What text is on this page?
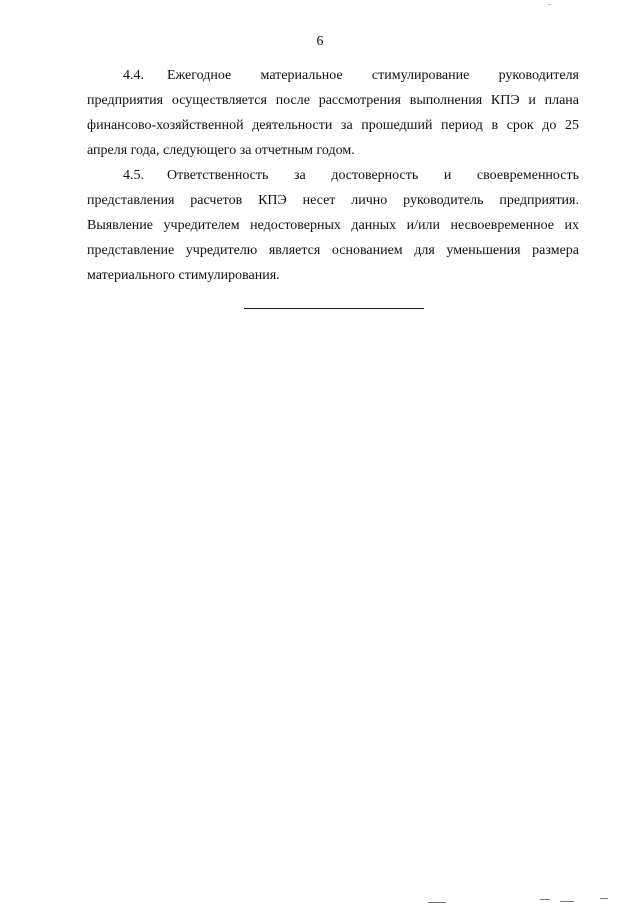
6

4.4. Ежегодное материальное стимулирование руководителя
предприятия осуществляется после рассмотрения выполнения КПЭ и плана
финансово-хозяйственной деятельности за прошедший период в срок до 25
апреля года, следующего за отчетным годом.

4.5. Ответственность за достоверность и своевременность
представления расчетов КПЭ несет лично руководитель предприятия.
Выявление учредителем недостоверных данных и/или несвоевременное их
представление учредителю является основанием для уменьшения размера
материального стимулирования.
